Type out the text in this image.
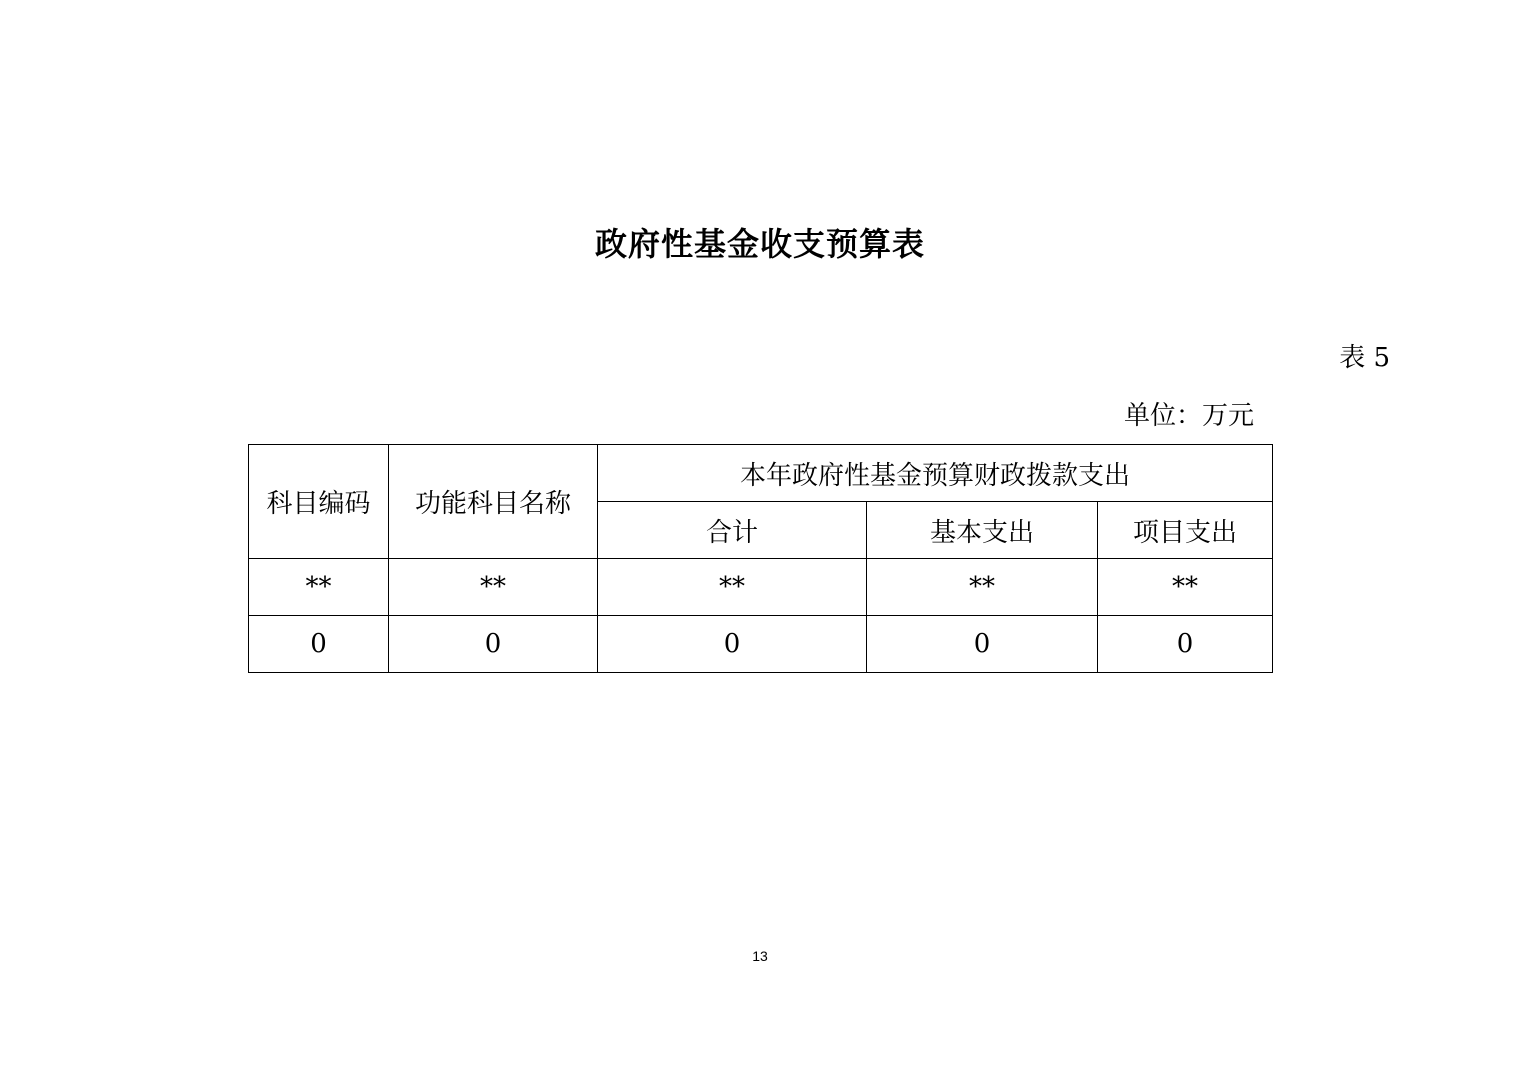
政府性基金收支预算表
表 5
单位：万元
科目编码	功能科目名称	本年政府性基金预算财政拨款支出		
		合计	基本支出	项目支出
**	**	**	**	**
0	0	0	0	0
13
